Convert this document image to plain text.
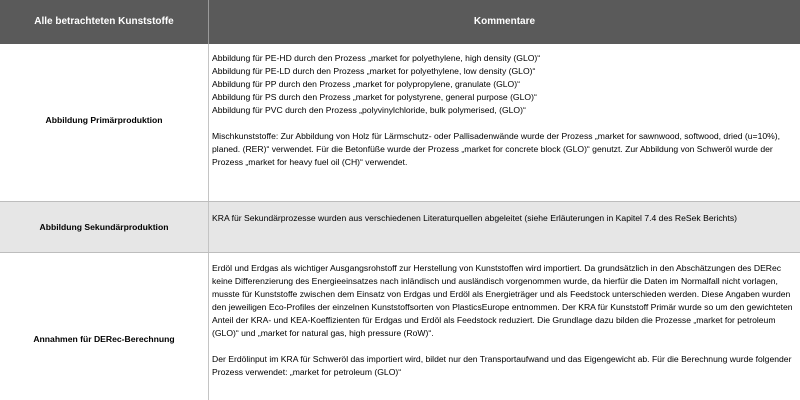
Alle betrachteten Kunststoffe	Kommentare
Abbildung Primärproduktion

Abbildung für PE-HD durch den Prozess „market for polyethylene, high density (GLO)“

Abbildung für PE-LD durch den Prozess „market for polyethylene, low density (GLO)“

Abbildung für PP durch den Prozess „market for polypropylene, granulate (GLO)“

Abbildung für PS durch den Prozess „market for polystyrene, general purpose (GLO)“

Abbildung für PVC durch den Prozess „polyvinylchloride, bulk polymerised, (GLO)“

Mischkunststoffe: Zur Abbildung von Holz für Lärmschutz- oder Pallisadenwände wurde der Prozess „market for sawnwood, softwood, dried (u=10%), planed. (RER)“ verwendet. Für die Betonfüße wurde der Prozess „market for concrete block (GLO)“ genutzt. Zur Abbildung von Schweröl wurde der Prozess „market for heavy fuel oil (CH)“ verwendet.

Abbildung Sekundärproduktion

KRA für Sekundärprozesse wurden aus verschiedenen Literaturquellen abgeleitet (siehe Erläuterungen in Kapitel 7.4 des ReSek Berichts)

Annahmen für DERec-Berechnung

Erdöl und Erdgas als wichtiger Ausgangsrohstoff zur Herstellung von Kunststoffen wird importiert. Da grundsätzlich in den Abschätzungen des DERec keine Differenzierung des Energieeinsatzes nach inländisch und ausländisch vorgenommen wurde, da hierfür die Daten im Normalfall nicht vorlagen, musste für Kunststoffe zwischen dem Einsatz von Erdgas und Erdöl als Energieträger und als Feedstock unterschieden werden. Diese Angaben wurden den jeweiligen Eco-Profiles der einzelnen Kunststoffsorten von PlasticsEurope entnommen. Der KRA für Kunststoff Primär wurde so um den gewichteten Anteil der KRA- und KEA-Koeffizienten für Erdgas und Erdöl als Feedstock reduziert. Die Grundlage dazu bilden die Prozesse „market for petroleum (GLO)“ und „market for natural gas, high pressure (RoW)“.

Der Erdölinput im KRA für Schweröl das importiert wird, bildet nur den Transportaufwand und das Eigengewicht ab. Für die Berechnung wurde folgender Prozess verwendet: „market for petroleum (GLO)“
